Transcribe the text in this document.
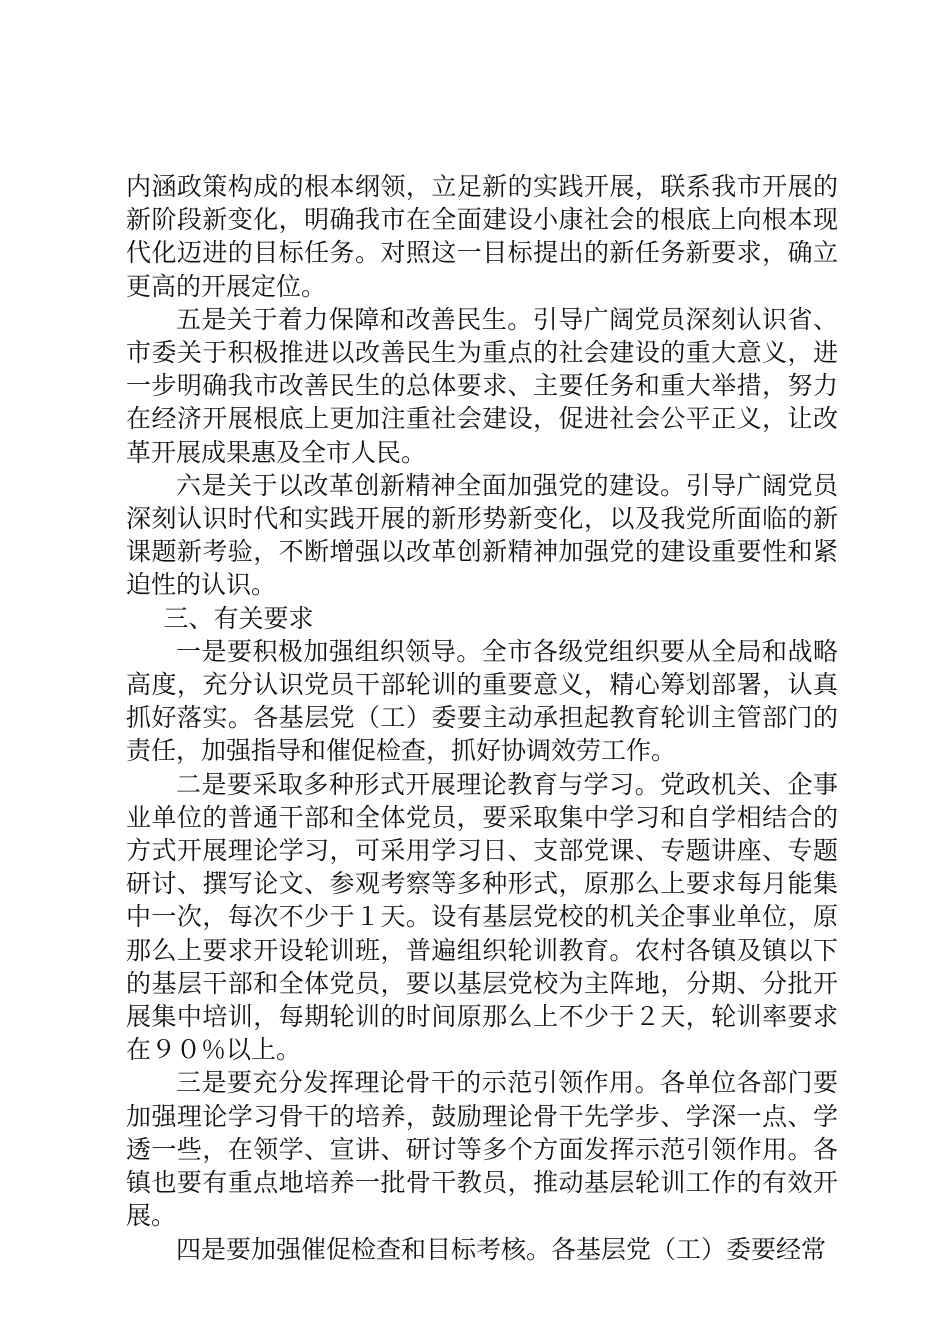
内涵政策构成的根本纲领，立足新的实践开展，联系我市开展的新阶段新变化，明确我市在全面建设小康社会的根底上向根本现代化迈进的目标任务。对照这一目标提出的新任务新要求，确立更高的开展定位。

五是关于着力保障和改善民生。引导广阔党员深刻认识省、市委关于积极推进以改善民生为重点的社会建设的重大意义，进一步明确我市改善民生的总体要求、主要任务和重大举措，努力在经济开展根底上更加注重社会建设，促进社会公平正义，让改革开展成果惠及全市人民。

六是关于以改革创新精神全面加强党的建设。引导广阔党员深刻认识时代和实践开展的新形势新变化，以及我党所面临的新课题新考验，不断增强以改革创新精神加强党的建设重要性和紧迫性的认识。

三、有关要求

一是要积极加强组织领导。全市各级党组织要从全局和战略高度，充分认识党员干部轮训的重要意义，精心筹划部署，认真抓好落实。各基层党（工）委要主动承担起教育轮训主管部门的责任，加强指导和催促检查，抓好协调效劳工作。

二是要采取多种形式开展理论教育与学习。党政机关、企事业单位的普通干部和全体党员，要采取集中学习和自学相结合的方式开展理论学习，可采用学习日、支部党课、专题讲座、专题研讨、撰写论文、参观考察等多种形式，原那么上要求每月能集中一次，每次不少于１天。设有基层党校的机关企事业单位，原那么上要求开设轮训班，普遍组织轮训教育。农村各镇及镇以下的基层干部和全体党员，要以基层党校为主阵地，分期、分批开展集中培训，每期轮训的时间原那么上不少于２天，轮训率要求在９０％以上。

三是要充分发挥理论骨干的示范引领作用。各单位各部门要加强理论学习骨干的培养，鼓励理论骨干先学步、学深一点、学透一些，在领学、宣讲、研讨等多个方面发挥示范引领作用。各镇也要有重点地培养一批骨干教员，推动基层轮训工作的有效开展。

四是要加强催促检查和目标考核。各基层党（工）委要经常
